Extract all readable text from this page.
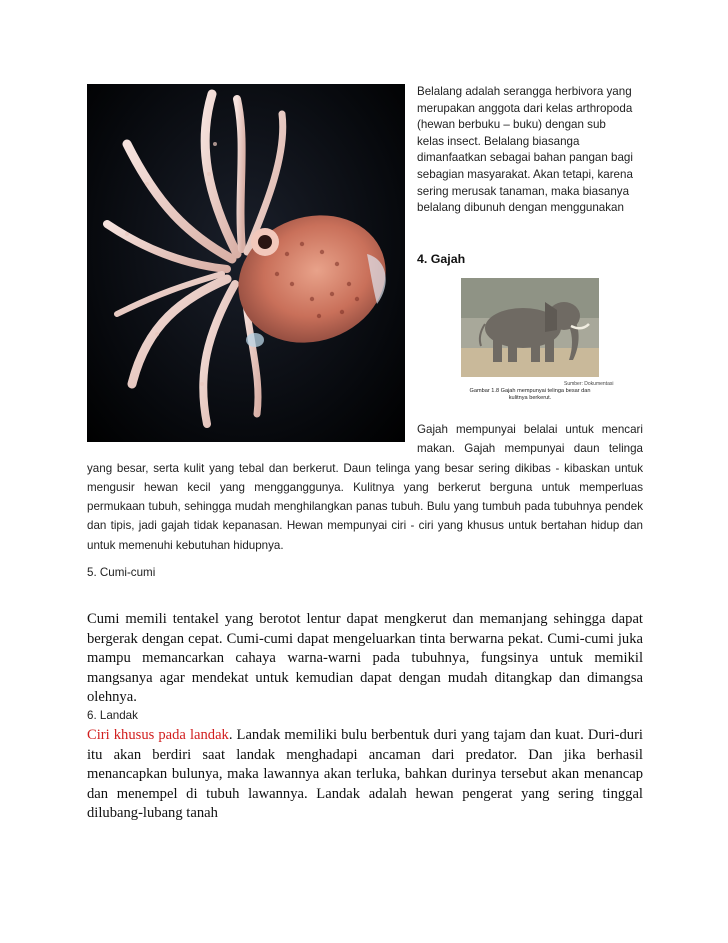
Belalang adalah serangga herbivora yang
merupakan anggota dari kelas arthropoda
(hewan berbuku – buku) dengan sub
kelas insect. Belalang biasanga
dimanfaatkan sebagai bahan pangan bagi
sebagian masyarakat. Akan tetapi, karena
sering merusak tanaman, maka biasanya
belalang dibunuh dengan menggunakan
4. Gajah
Sumber: Dokumentasi
Gambar 1.8 Gajah mempunyai telinga besar dan kulitnya berkerut.
Gajah mempunyai belalai untuk mencari makan. Gajah mempunyai daun telinga yang besar, serta kulit yang tebal dan berkerut. Daun telinga yang besar sering dikibas - kibaskan untuk mengusir hewan kecil yang mengganggunya. Kulitnya yang berkerut berguna untuk memperluas permukaan tubuh, sehingga mudah menghilangkan panas tubuh. Bulu yang tumbuh pada tubuhnya pendek dan tipis, jadi gajah tidak kepanasan. Hewan mempunyai ciri - ciri yang khusus untuk bertahan hidup dan untuk memenuhi kebutuhan hidupnya.
5. Cumi-cumi
Cumi memili tentakel yang berotot lentur dapat mengkerut dan memanjang sehingga dapat bergerak dengan cepat. Cumi-cumi dapat mengeluarkan tinta berwarna pekat. Cumi-cumi juka mampu memancarkan cahaya warna-warni pada tubuhnya, fungsinya untuk memikil mangsanya agar mendekat untuk kemudian dapat dengan mudah ditangkap dan dimangsa olehnya.
6. Landak
Ciri khusus pada landak. Landak memiliki bulu berbentuk duri yang tajam dan kuat. Duri-duri itu akan berdiri saat landak menghadapi ancaman dari predator. Dan jika berhasil menancapkan bulunya, maka lawannya akan terluka, bahkan durinya tersebut akan menancap dan menempel di tubuh lawannya. Landak adalah hewan pengerat yang sering tinggal dilubang-lubang tanah
